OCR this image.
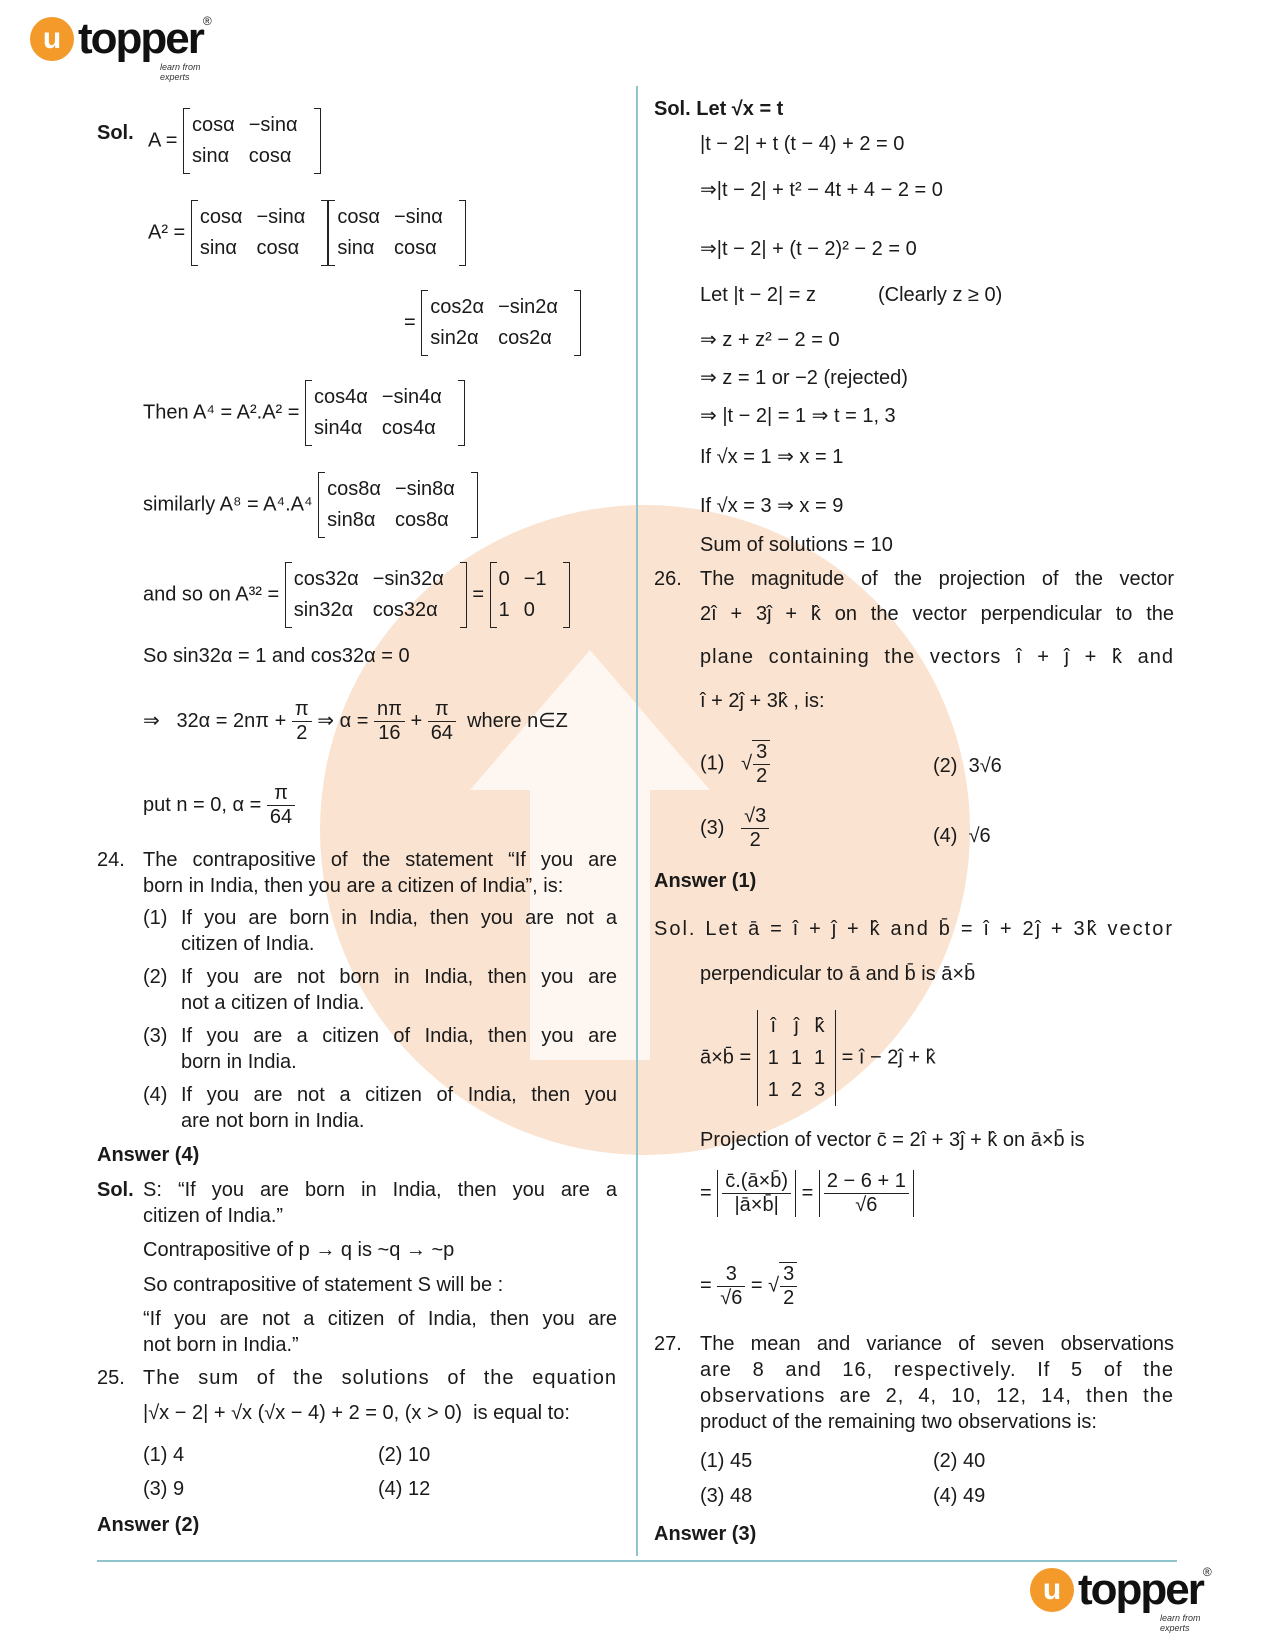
u topper ®
learn from experts
u topper ®
learn from experts
Sol. A =
cosα	−sinα
sinα	cosα
A² =
cosα	−sinα
sinα	cosα
cosα	−sinα
sinα	cosα
=
cos2α	−sin2α
sin2α	cos2α
Then A⁴ = A².A² =
cos4α	−sin4α
sin4α	cos4α
similarly A⁸ = A⁴.A⁴
cos8α	−sin8α
sin8α	cos8α
and so on A³² =
cos32α	−sin32α
sin32α	cos32α
=
0	−1
1	0
So sin32α = 1 and cos32α = 0
⇒ $32\alpha = 2n\pi + \frac{\pi}{2}$ ⇒ $\alpha = \frac{n\pi}{16} + \frac{\pi}{64}$ where n∈Z
put n = 0, $\alpha = \frac{\pi}{64}$
24. The contrapositive of the statement “If you are
born in India, then you are a citizen of India”, is:
(1) If you are born in India, then you are not a
citizen of India.
(2) If you are not born in India, then you are
not a citizen of India.
(3) If you are a citizen of India, then you are
born in India.
(4) If you are not a citizen of India, then you
are not born in India.
Answer (4)
Sol. S: “If you are born in India, then you are a
citizen of India.”
Contrapositive of p → q is ~q → ~p
So contrapositive of statement S will be :
“If you are not a citizen of India, then you are
not born in India.”
25. The sum of the solutions of the equation
|√x − 2| + √x (√x − 4) + 2 = 0, (x > 0) is equal to:
(1) 4	(2) 10
(3) 9	(4) 12
Answer (2)
Sol. Let √x = t
|t − 2| + t (t − 4) + 2 = 0
⇒|t − 2| + t² − 4t + 4 − 2 = 0
⇒|t − 2| + (t − 2)² − 2 = 0
Let |t − 2| = z	(Clearly z ≥ 0)
⇒ z + z² − 2 = 0
⇒ z = 1 or −2 (rejected)
⇒ |t − 2| = 1 ⇒ t = 1, 3
If √x = 1 ⇒ x = 1
If √x = 3 ⇒ x = 9
Sum of solutions = 10
26. The magnitude of the projection of the vector
2î + 3ĵ + k̂ on the vector perpendicular to the
plane containing the vectors î + ĵ + k̂ and
î + 2ĵ + 3k̂ , is:
(1)   √ $\frac{3}{2}$	(2) 3√6
$(3) \frac{√3}{2}$	(4) √6
Answer (1)
Sol. Let ā = î + ĵ + k̂ and b̄ = î + 2ĵ + 3k̂ vector
perpendicular to ā and b̄ is ā×b̄
ā×b̄ =
î	ĵ	k̂
1	1	1
1	2	3
= î − 2ĵ + k̂
Projection of vector c̄ = 2î + 3ĵ + k̂ on ā×b̄ is
= $\frac{c̄.(ā\times b̄)}{|ā\times b̄|} = \frac{2 - 6 + 1}{√6}$
= $\frac{3}{√6}$ = √ $\frac{3}{2}$
27. The mean and variance of seven observations
are 8 and 16, respectively. If 5 of the
observations are 2, 4, 10, 12, 14, then the
product of the remaining two observations is:
(1) 45	(2) 40
(3) 48	(4) 49
Answer (3)
